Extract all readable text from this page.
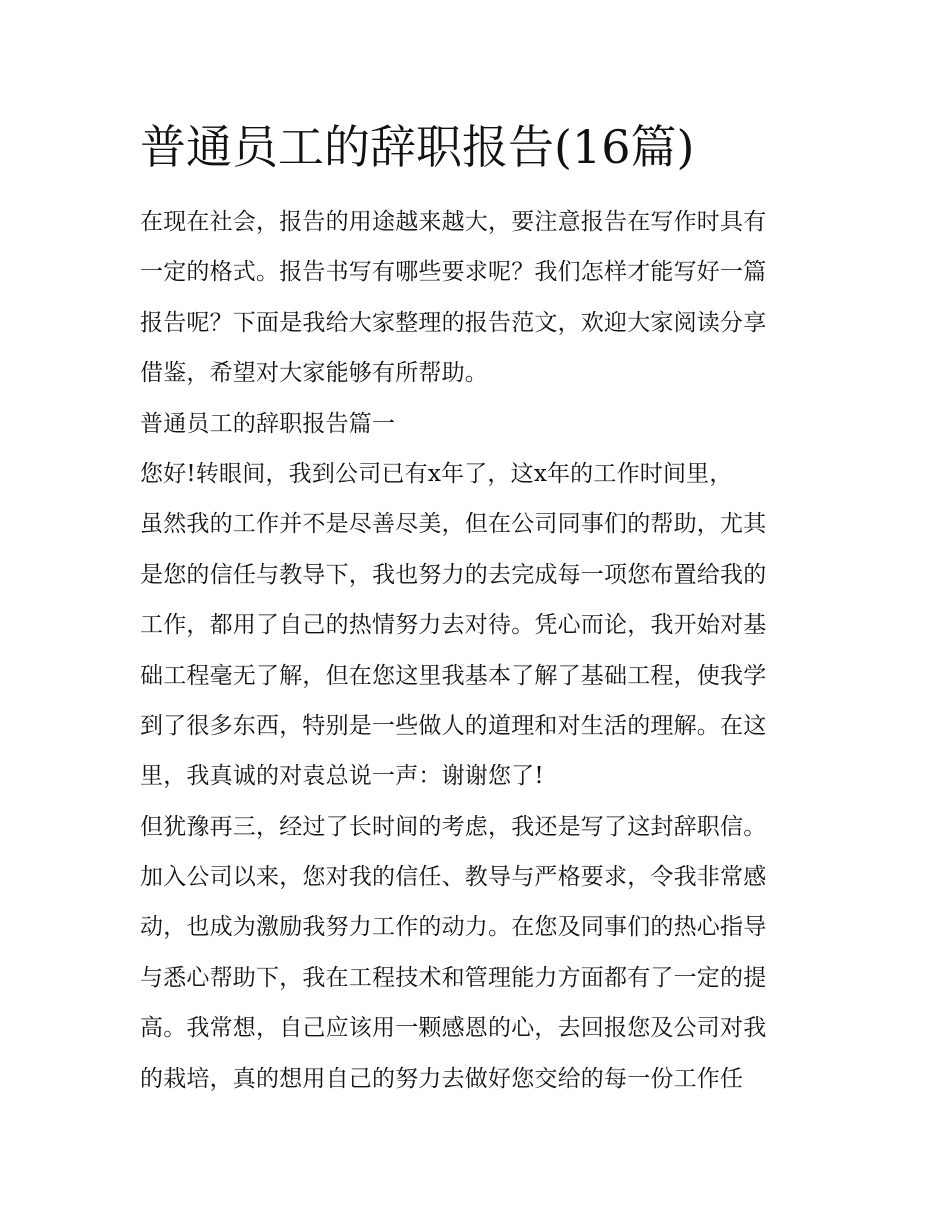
普通员工的辞职报告(16篇)
在现在社会，报告的用途越来越大，要注意报告在写作时具有
一定的格式。报告书写有哪些要求呢？我们怎样才能写好一篇
报告呢？下面是我给大家整理的报告范文，欢迎大家阅读分享
借鉴，希望对大家能够有所帮助。
普通员工的辞职报告篇一
您好!转眼间，我到公司已有x年了，这x年的工作时间里，
虽然我的工作并不是尽善尽美，但在公司同事们的帮助，尤其
是您的信任与教导下，我也努力的去完成每一项您布置给我的
工作，都用了自己的热情努力去对待。凭心而论，我开始对基
础工程毫无了解，但在您这里我基本了解了基础工程，使我学
到了很多东西，特别是一些做人的道理和对生活的理解。在这
里，我真诚的对袁总说一声：谢谢您了!
但犹豫再三，经过了长时间的考虑，我还是写了这封辞职信。
加入公司以来，您对我的信任、教导与严格要求，令我非常感
动，也成为激励我努力工作的动力。在您及同事们的热心指导
与悉心帮助下，我在工程技术和管理能力方面都有了一定的提
高。我常想，自己应该用一颗感恩的心，去回报您及公司对我
的栽培，真的想用自己的努力去做好您交给的每一份工作任
